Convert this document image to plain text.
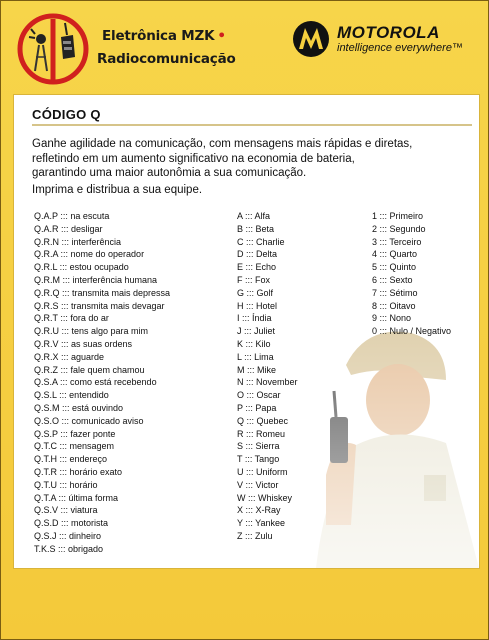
Eletrônica MZK •
Radiocomunicação
MOTOROLA
intelligence everywhere™
CÓDIGO Q

Ganhe agilidade na comunicação, com mensagens mais rápidas e diretas,

refletindo em um aumento significativo na economia de bateria,

garantindo uma maior autonômia a sua comunicação.

Imprima e distribua a sua equipe.

Q.A.P ::: na escuta
Q.A.R ::: desligar
Q.R.N ::: interferência
Q.R.A ::: nome do operador
Q.R.L ::: estou ocupado
Q.R.M ::: interferência humana
Q.R.Q ::: transmita mais depressa
Q.R.S ::: transmita mais devagar
Q.R.T ::: fora do ar
Q.R.U ::: tens algo para mim
Q.R.V ::: as suas ordens
Q.R.X ::: aguarde
Q.R.Z ::: fale quem chamou
Q.S.A ::: como está recebendo
Q.S.L ::: entendido
Q.S.M ::: está ouvindo
Q.S.O ::: comunicado aviso
Q.S.P ::: fazer ponte
Q.T.C ::: mensagem
Q.T.H ::: endereço
Q.T.R ::: horário exato
Q.T.U ::: horário
Q.T.A ::: última forma
Q.S.V ::: viatura
Q.S.D ::: motorista
Q.S.J ::: dinheiro
T.K.S ::: obrigado
A ::: Alfa
B ::: Beta
C ::: Charlie
D ::: Delta
E ::: Echo
F ::: Fox
G ::: Golf
H ::: Hotel
I ::: Índia
J ::: Juliet
K ::: Kilo
L ::: Lima
M ::: Mike
N ::: November
O ::: Oscar
P ::: Papa
Q ::: Quebec
R ::: Romeu
S ::: Sierra
T ::: Tango
U ::: Uniform
V ::: Victor
W ::: Whiskey
X ::: X-Ray
Y ::: Yankee
Z ::: Zulu
1 ::: Primeiro
2 ::: Segundo
3 ::: Terceiro
4 ::: Quarto
5 ::: Quinto
6 ::: Sexto
7 ::: Sétimo
8 ::: Oitavo
9 ::: Nono
0 ::: Nulo / Negativo
